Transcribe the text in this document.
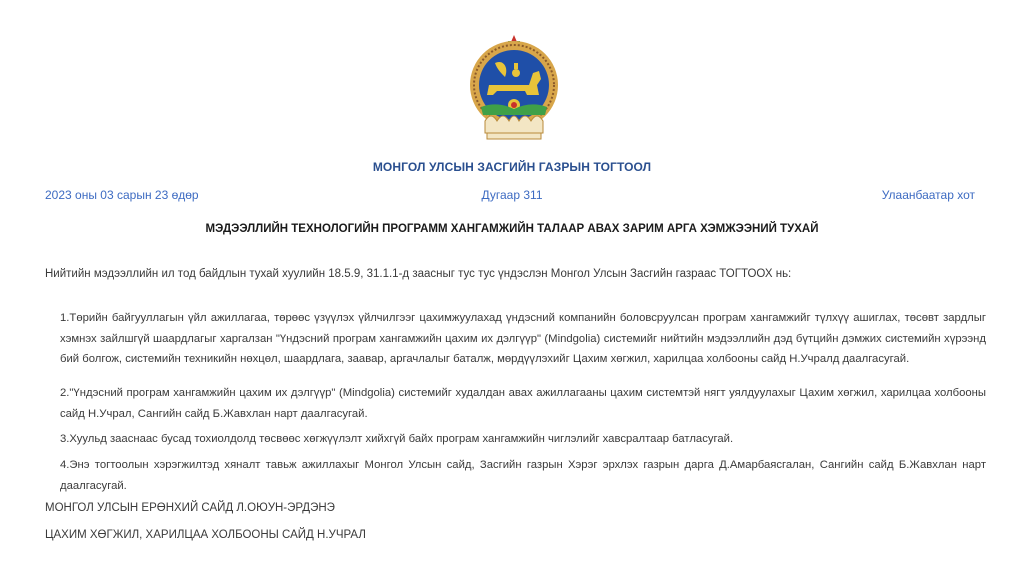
МОНГОЛ УЛСЫН ЗАСГИЙН ГАЗРЫН ТОГТООЛ
2023 оны 03 сарын 23 өдөр	Дугаар 311	Улаанбаатар хот
МЭДЭЭЛЛИЙН ТЕХНОЛОГИЙН ПРОГРАММ ХАНГАМЖИЙН ТАЛААР АВАХ ЗАРИМ АРГА ХЭМЖЭЭНИЙ ТУХАЙ
Нийтийн мэдээллийн ил тод байдлын тухай хуулийн 18.5.9, 31.1.1-д заасныг тус тус үндэслэн Монгол Улсын Засгийн газраас ТОГТООХ нь:
1.Төрийн байгууллагын үйл ажиллагаа, төрөөс үзүүлэх үйлчилгээг цахимжуулахад үндэсний компанийн боловсруулсан програм хангамжийг түлхүү ашиглах, төсөвт зардлыг хэмнэх зайлшгүй шаардлагыг харгалзан "Үндэсний програм хангамжийн цахим их дэлгүүр" (Mindgolia) системийг нийтийн мэдээллийн дэд бүтцийн дэмжих системийн хүрээнд бий болгож, системийн техникийн нөхцөл, шаардлага, заавар, аргачлалыг баталж, мөрдүүлэхийг Цахим хөгжил, харилцаа холбооны сайд Н.Учралд даалгасугай.
2."Үндэсний програм хангамжийн цахим их дэлгүүр" (Mindgolia) системийг худалдан авах ажиллагааны цахим системтэй нягт уялдуулахыг Цахим хөгжил, харилцаа холбооны сайд Н.Учрал, Сангийн сайд Б.Жавхлан нарт даалгасугай.
3.Хуульд зааснаас бусад тохиолдолд төсвөөс хөгжүүлэлт хийхгүй байх програм хангамжийн чиглэлийг хавсралтаар батласугай.
4.Энэ тогтоолын хэрэгжилтэд хяналт тавьж ажиллахыг Монгол Улсын сайд, Засгийн газрын Хэрэг эрхлэх газрын дарга Д.Амарбаясгалан, Сангийн сайд Б.Жавхлан нарт даалгасугай.
МОНГОЛ УЛСЫН ЕРӨНХИЙ САЙД Л.ОЮУН-ЭРДЭНЭ
ЦАХИМ ХӨГЖИЛ, ХАРИЛЦАА ХОЛБООНЫ САЙД Н.УЧРАЛ
